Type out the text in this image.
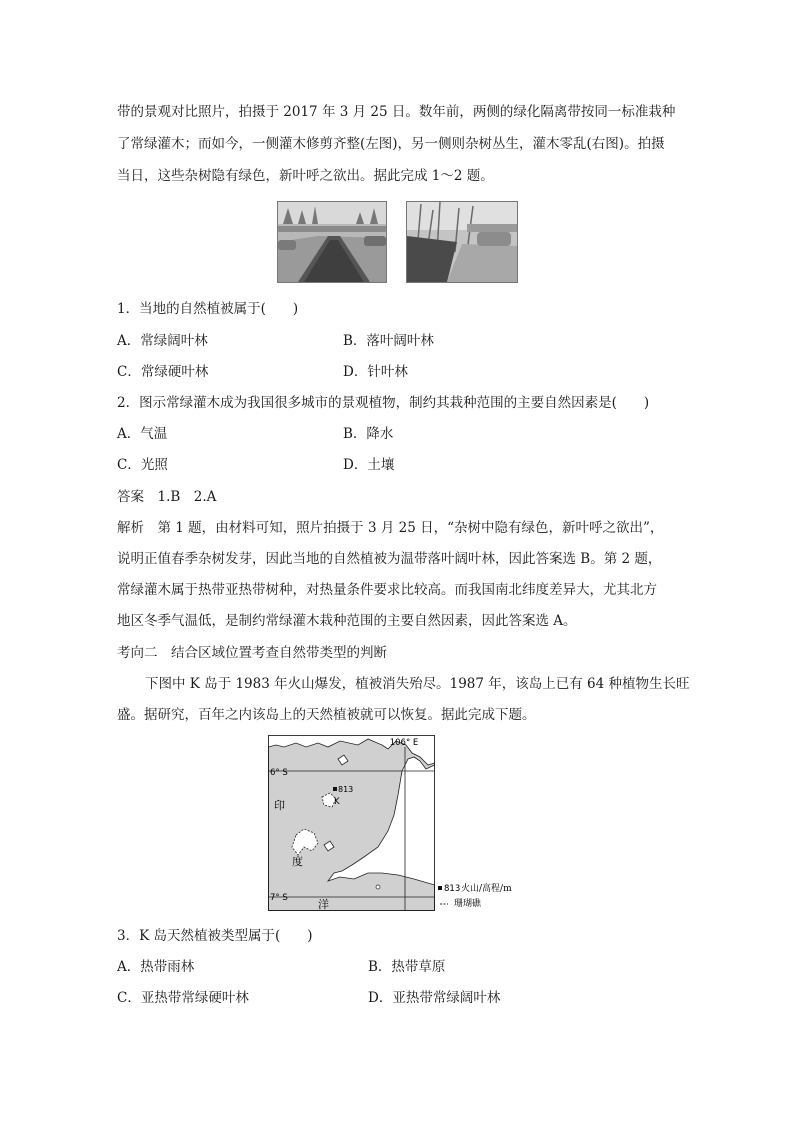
带的景观对比照片，拍摄于 2017 年 3 月 25 日。数年前，两侧的绿化隔离带按同一标准栽种
了常绿灌木；而如今，一侧灌木修剪齐整(左图)，另一侧则杂树丛生，灌木零乱(右图)。拍摄
当日，这些杂树隐有绿色，新叶呼之欲出。据此完成 1～2 题。
1．当地的自然植被属于(　　)
A．常绿阔叶林	B．落叶阔叶林
C．常绿硬叶林	D．针叶林
2．图示常绿灌木成为我国很多城市的景观植物，制约其栽种范围的主要自然因素是(　　)
A．气温	B．降水
C．光照	D．土壤
答案　1.B　2.A
解析　第 1 题，由材料可知，照片拍摄于 3 月 25 日，“杂树中隐有绿色，新叶呼之欲出”，
说明正值春季杂树发芽，因此当地的自然植被为温带落叶阔叶林，因此答案选 B。第 2 题，
常绿灌木属于热带亚热带树种，对热量条件要求比较高。而我国南北纬度差异大，尤其北方
地区冬季气温低，是制约常绿灌木栽种范围的主要自然因素，因此答案选 A。
考向二　结合区域位置考查自然带类型的判断
下图中 K 岛于 1983 年火山爆发，植被消失殆尽。1987 年，该岛上已有 64 种植物生长旺
盛。据研究，百年之内该岛上的天然植被就可以恢复。据此完成下题。
106° E
6° S
7° S
813
K
印
度
洋
813 火山/高程/m
珊瑚礁
3．K 岛天然植被类型属于(　　)
A．热带雨林	B．热带草原
C．亚热带常绿硬叶林	D．亚热带常绿阔叶林
